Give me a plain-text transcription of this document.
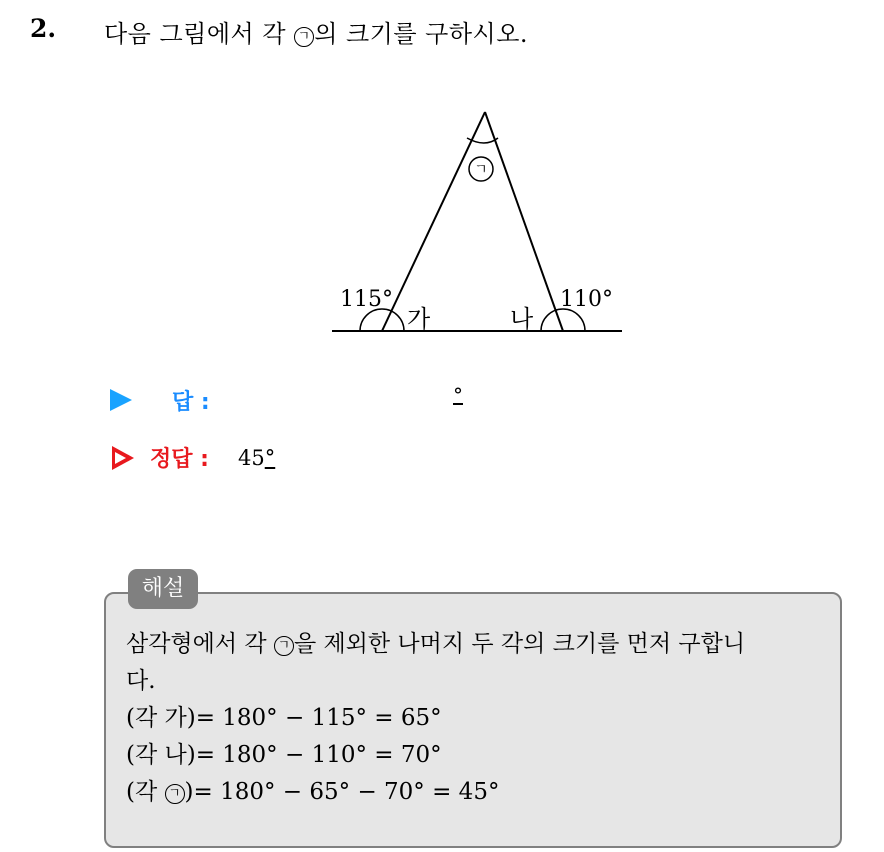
2. 다음 그림에서 각 ㄱ 의 크기를 구하시오.
ㄱ
115°	110°
가	나
답 :	°
정답 : 45°
해설
삼각형에서 각 ㄱ 을 제외한 나머지 두 각의 크기를 먼저 구합니
다.
(각 가)= 180° − 115° = 65°
(각 나)= 180° − 110° = 70°
(각 ㄱ )= 180° − 65° − 70° = 45°
